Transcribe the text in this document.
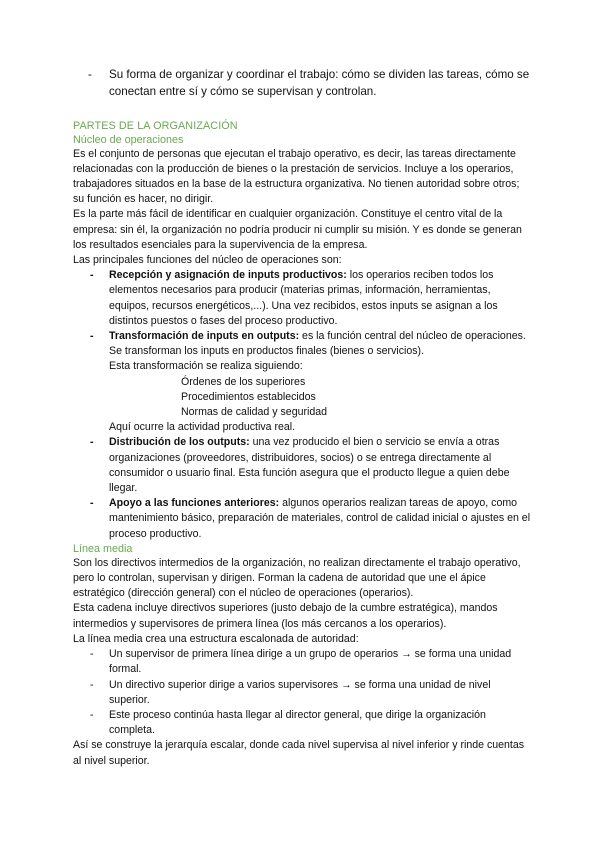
- Su forma de organizar y coordinar el trabajo: cómo se dividen las tareas, cómo se conectan entre sí y cómo se supervisan y controlan.
PARTES DE LA ORGANIZACIÓN
Núcleo de operaciones

Es el conjunto de personas que ejecutan el trabajo operativo, es decir, las tareas directamente relacionadas con la producción de bienes o la prestación de servicios. Incluye a los operarios, trabajadores situados en la base de la estructura organizativa. No tienen autoridad sobre otros; su función es hacer, no dirigir.

Es la parte más fácil de identificar en cualquier organización. Constituye el centro vital de la empresa: sin él, la organización no podría producir ni cumplir su misión. Y es donde se generan los resultados esenciales para la supervivencia de la empresa.

Las principales funciones del núcleo de operaciones son:

- Recepción y asignación de inputs productivos: los operarios reciben todos los elementos necesarios para producir (materias primas, información, herramientas, equipos, recursos energéticos,...). Una vez recibidos, estos inputs se asignan a los distintos puestos o fases del proceso productivo.
- Transformación de inputs en outputs: es la función central del núcleo de operaciones. Se transforman los inputs en productos finales (bienes o servicios).
Esta transformación se realiza siguiendo:
Órdenes de los superiores
Procedimientos establecidos
Normas de calidad y seguridad
Aquí ocurre la actividad productiva real.
- Distribución de los outputs: una vez producido el bien o servicio se envía a otras organizaciones (proveedores, distribuidores, socios) o se entrega directamente al consumidor o usuario final. Esta función asegura que el producto llegue a quien debe llegar.
- Apoyo a las funciones anteriores: algunos operarios realizan tareas de apoyo, como mantenimiento básico, preparación de materiales, control de calidad inicial o ajustes en el proceso productivo.
Línea media

Son los directivos intermedios de la organización, no realizan directamente el trabajo operativo, pero lo controlan, supervisan y dirigen. Forman la cadena de autoridad que une el ápice estratégico (dirección general) con el núcleo de operaciones (operarios).

Esta cadena incluye directivos superiores (justo debajo de la cumbre estratégica), mandos intermedios y supervisores de primera línea (los más cercanos a los operarios).

La línea media crea una estructura escalonada de autoridad:

- Un supervisor de primera línea dirige a un grupo de operarios → se forma una unidad formal.
- Un directivo superior dirige a varios supervisores → se forma una unidad de nivel superior.
- Este proceso continúa hasta llegar al director general, que dirige la organización completa.

Así se construye la jerarquía escalar, donde cada nivel supervisa al nivel inferior y rinde cuentas al nivel superior.
